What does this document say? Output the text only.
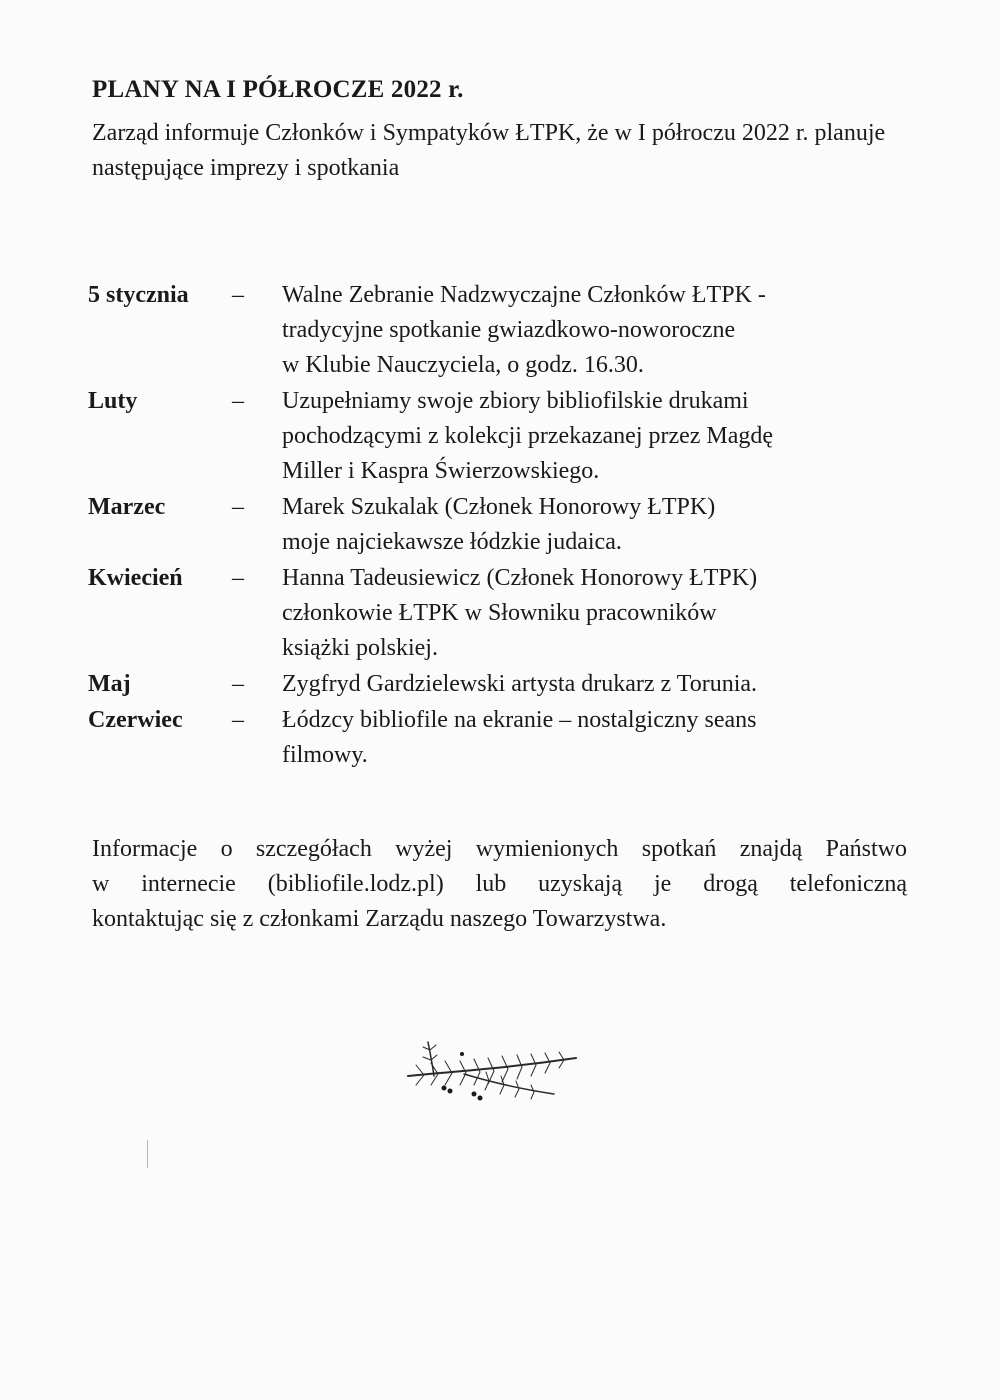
PLANY NA I PÓŁROCZE 2022 r.
Zarząd informuje Członków i Sympatyków ŁTPK, że w I półroczu 2022 r. planuje następujące imprezy i spotkania
5 stycznia – Walne Zebranie Nadzwyczajne Członków ŁTPK -
tradycyjne spotkanie gwiazdkowo-noworoczne
w Klubie Nauczyciela, o godz. 16.30.
Luty	– Uzupełniamy swoje zbiory bibliofilskie drukami
pochodzącymi z kolekcji przekazanej przez Magdę
Miller i Kaspra Świerzowskiego.
Marzec	– Marek Szukalak (Członek Honorowy ŁTPK)
moje najciekawsze łódzkie judaica.
Kwiecień – Hanna Tadeusiewicz (Członek Honorowy ŁTPK)
członkowie ŁTPK w Słowniku pracowników
książki polskiej.
Maj	– Zygfryd Gardzielewski artysta drukarz z Torunia.
Czerwiec – Łódzcy bibliofile na ekranie – nostalgiczny seans
filmowy.
Informacje o szczegółach wyżej wymienionych spotkań znajdą Państwo
w internecie (bibliofile.lodz.pl) lub uzyskają je drogą telefoniczną
kontaktując się z członkami Zarządu naszego Towarzystwa.
